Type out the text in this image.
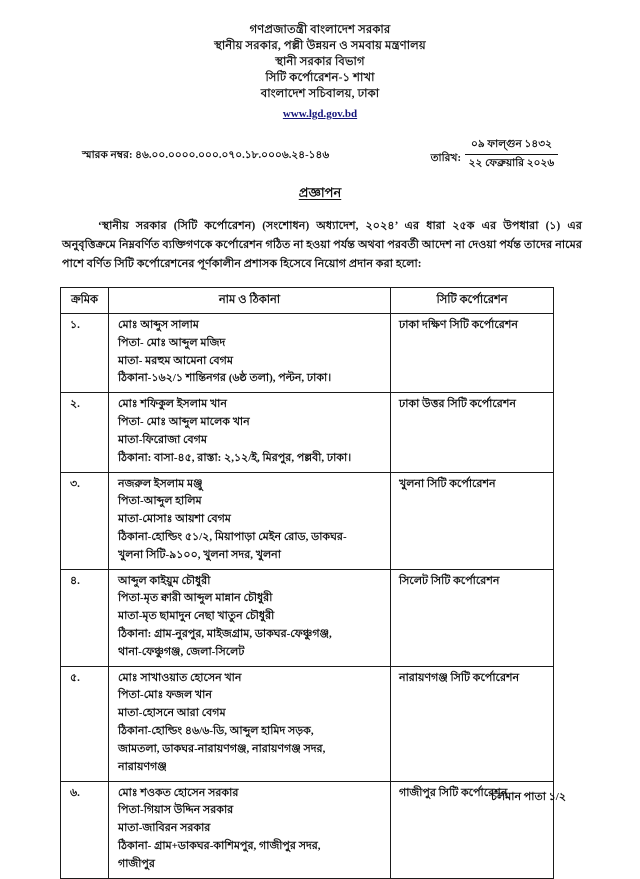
গণপ্রজাতন্ত্রী বাংলাদেশ সরকার
স্থানীয় সরকার, পল্লী উন্নয়ন ও সমবায় মন্ত্রণালয়
স্থানী সরকার বিভাগ
সিটি কর্পোরেশন-১ শাখা
বাংলাদেশ সচিবালয়, ঢাকা
www.lgd.gov.bd
স্মারক নম্বর: ৪৬.০০.০০০০.০০০.০৭০.১৮.০০০৬.২৪-১৪৬	তারিখ:
০৯ ফাল্গুন ১৪৩২
২২ ফেব্রুয়ারি ২০২৬
প্রজ্ঞাপন
‘স্থানীয় সরকার (সিটি কর্পোরেশন) (সংশোধন) অধ্যাদেশ, ২০২৪’ এর ধারা ২৫ক এর উপধারা (১) এর অনুবৃত্তিক্রমে নিম্নবর্ণিত ব্যক্তিগণকে কর্পোরেশন গঠিত না হওয়া পর্যন্ত অথবা পরবর্তী আদেশ না দেওয়া পর্যন্ত তাদের নামের পাশে বর্ণিত সিটি কর্পোরেশনের পূর্ণকালীন প্রশাসক হিসেবে নিয়োগ প্রদান করা হলো:
ক্রমিক	নাম ও ঠিকানা	সিটি কর্পোরেশন
১.	মোঃ আব্দুস সালাম
পিতা- মোঃ আব্দুল মজিদ
মাতা- মরহুম আমেনা বেগম
ঠিকানা-১৬২/১ শান্তিনগর (৬ষ্ঠ তলা), পল্টন, ঢাকা।	ঢাকা দক্ষিণ সিটি কর্পোরেশন
২.	মোঃ শফিকুল ইসলাম খান
পিতা- মোঃ আব্দুল মালেক খান
মাতা-ফিরোজা বেগম
ঠিকানা: বাসা-৪৫, রাস্তা: ২,১২/ই, মিরপুর, পল্লবী, ঢাকা।	ঢাকা উত্তর সিটি কর্পোরেশন
৩.	নজরুল ইসলাম মঞ্জু
পিতা-আব্দুল হালিম
মাতা-মোসাঃ আয়শা বেগম
ঠিকানা-হোল্ডিং ৫১/২, মিয়াপাড়া মেইন রোড, ডাকঘর-
খুলনা সিটি-৯১০০, খুলনা সদর, খুলনা	খুলনা সিটি কর্পোরেশন
৪.	আব্দুল কাইয়ুম চৌধুরী
পিতা-মৃত ক্বারী আব্দুল মান্নান চৌধুরী
মাতা-মৃত ছামাদুন নেছা খাতুন চৌধুরী
ঠিকানা: গ্রাম-নুরপুর, মাইজগ্রাম, ডাকঘর-ফেঞ্চুগঞ্জ,
থানা-ফেঞ্চুগঞ্জ, জেলা-সিলেট	সিলেট সিটি কর্পোরেশন
৫.	মোঃ সাখাওয়াত হোসেন খান
পিতা-মোঃ ফজল খান
মাতা-হোসনে আরা বেগম
ঠিকানা-হোল্ডিং ৪৬/৬-ডি, আব্দুল হামিদ সড়ক,
জামতলা, ডাকঘর-নারায়ণগঞ্জ, নারায়ণগঞ্জ সদর,
নারায়ণগঞ্জ
	নারায়ণগঞ্জ সিটি কর্পোরেশন
৬.	মোঃ শওকত হোসেন সরকার
পিতা-গিয়াস উদ্দিন সরকার
মাতা-জাবিরন সরকার
ঠিকানা- গ্রাম+ডাকঘর-কাশিমপুর, গাজীপুর সদর,
গাজীপুর	গাজীপুর সিটি কর্পোরেশন
চলমান পাতা ১/২
